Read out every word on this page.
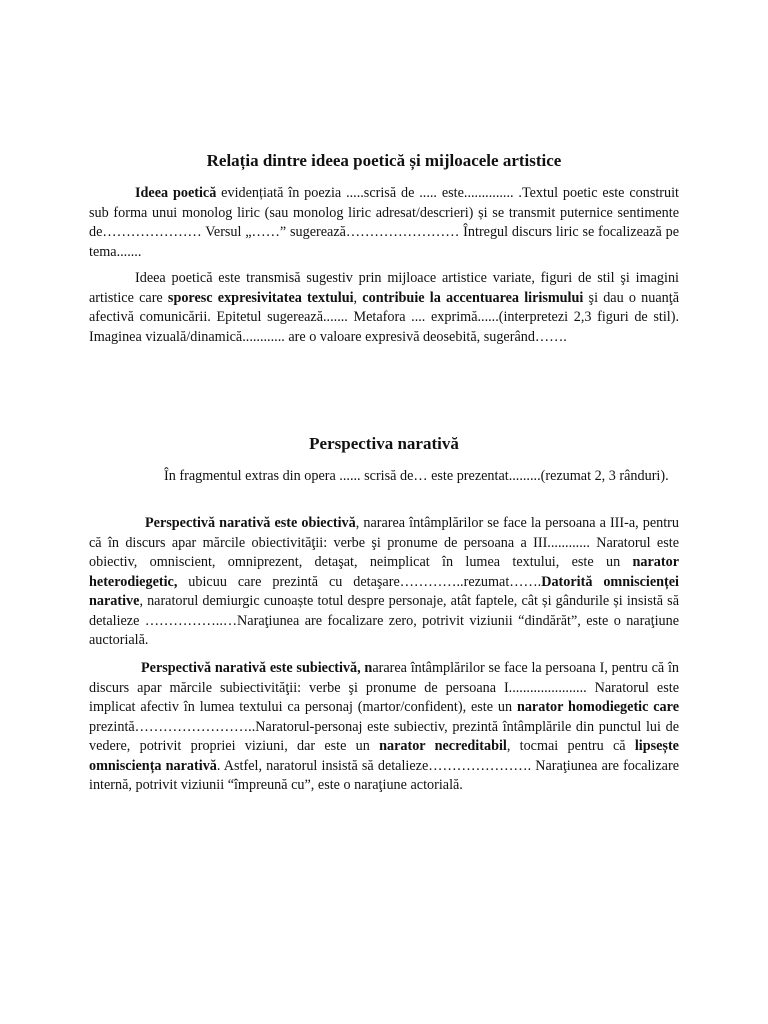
Relația dintre ideea poetică și mijloacele artistice

Ideea poetică evidențiată în poezia .....scrisă de ..... este.............. .Textul poetic este construit sub forma unui monolog liric (sau monolog liric adresat/descrieri) și se transmit puternice sentimente de………………… Versul „……” sugerează…………………… Întregul discurs liric se focalizează pe tema.......

Ideea poetică este transmisă sugestiv prin mijloace artistice variate, figuri de stil şi imagini artistice care sporesc expresivitatea textului, contribuie la accentuarea lirismului şi dau o nuanţă afectivă comunicării. Epitetul sugerează....... Metafora .... exprimă......(interpretezi 2,3 figuri de stil). Imaginea vizuală/dinamică............ are o valoare expresivă deosebită, sugerând…….

Perspectiva narativă

În fragmentul extras din opera ...... scrisă de… este prezentat.........(rezumat 2, 3 rânduri).

Perspectivă narativă este obiectivă, nararea întâmplărilor se face la persoana a III-a, pentru că în discurs apar mărcile obiectivităţii: verbe şi pronume de persoana a III............ Naratorul este obiectiv, omniscient, omniprezent, detaşat, neimplicat în lumea textului, este un narator heterodiegetic, ubicuu care prezintă cu detaşare…………..rezumat…….Datorită omniscienței narative, naratorul demiurgic cunoaște totul despre personaje, atât faptele, cât și gândurile și insistă să detalieze ……………..…Naraţiunea are focalizare zero, potrivit viziunii “dindărăt”, este o naraţiune auctorială.

Perspectivă narativă este subiectivă, nararea întâmplărilor se face la persoana I, pentru că în discurs apar mărcile subiectivităţii: verbe şi pronume de persoana I...................... Naratorul este implicat afectiv în lumea textului ca personaj (martor/confident), este un narator homodiegetic care prezintă……………………..Naratorul-personaj este subiectiv, prezintă întâmplările din punctul lui de vedere, potrivit propriei viziuni, dar este un narator necreditabil, tocmai pentru că lipsește omnisciența narativă. Astfel, naratorul insistă să detalieze…………………. Naraţiunea are focalizare internă, potrivit viziunii “împreună cu”, este o naraţiune actorială.
